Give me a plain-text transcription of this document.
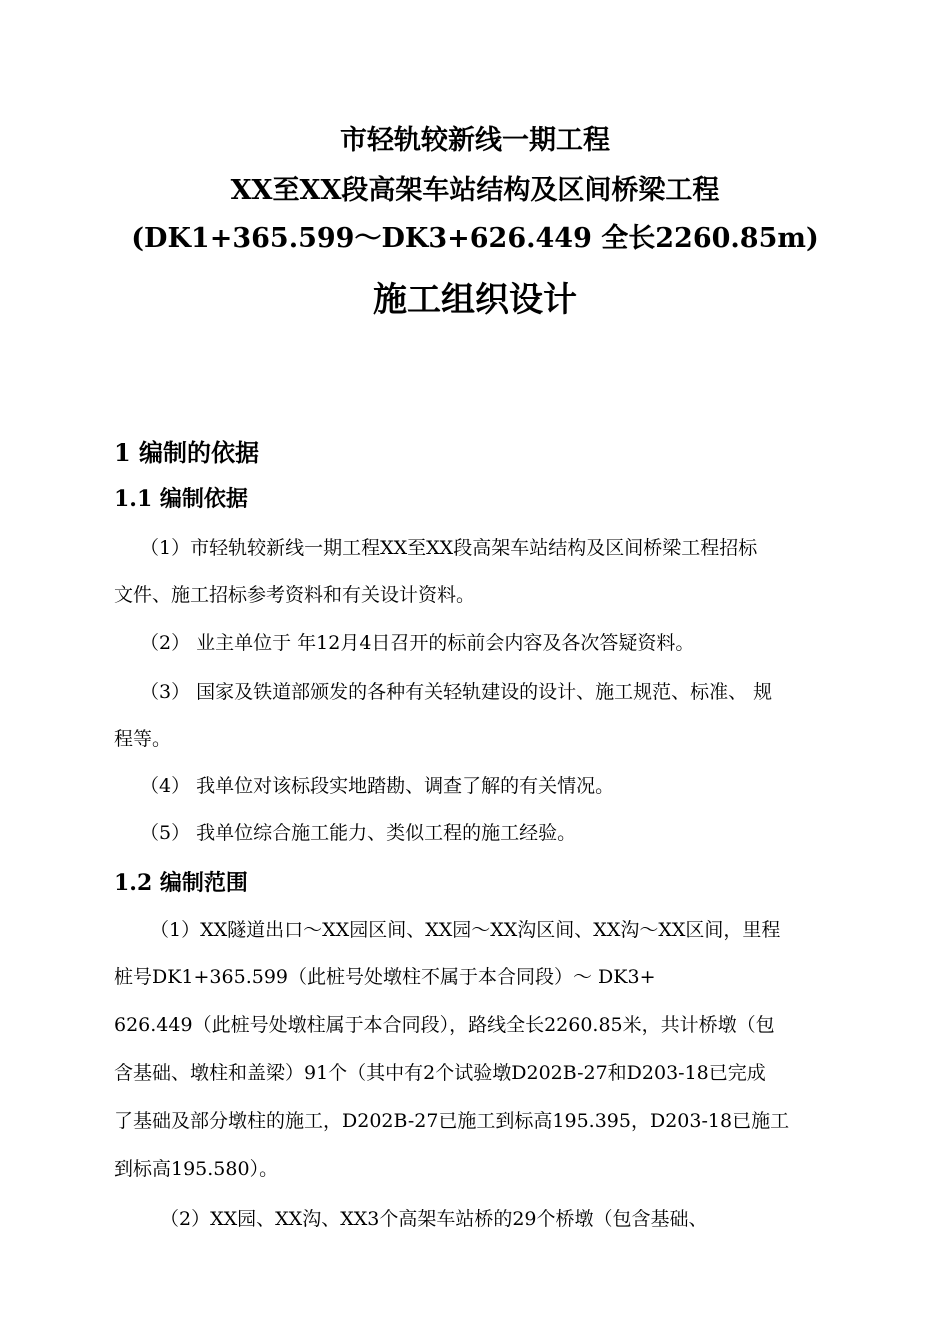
市轻轨较新线一期工程
XX至XX段高架车站结构及区间桥梁工程
(DK1+365.599～DK3+626.449 全长2260.85m)
施工组织设计
1 编制的依据
1.1 编制依据
（1）市轻轨较新线一期工程XX至XX段高架车站结构及区间桥梁工程招标
文件、施工招标参考资料和有关设计资料。
（2） 业主单位于 年12月4日召开的标前会内容及各次答疑资料。
（3） 国家及铁道部颁发的各种有关轻轨建设的设计、施工规范、标准、 规
程等。
（4） 我单位对该标段实地踏勘、调查了解的有关情况。
（5） 我单位综合施工能力、类似工程的施工经验。
1.2 编制范围
（1）XX隧道出口～XX园区间、XX园～XX沟区间、XX沟～XX区间，里程
桩号DK1+365.599（此桩号处墩柱不属于本合同段）～ DK3+
626.449（此桩号处墩柱属于本合同段），路线全长2260.85米，共计桥墩（包
含基础、墩柱和盖梁）91个（其中有2个试验墩D202B-27和D203-18已完成
了基础及部分墩柱的施工，D202B-27已施工到标高195.395，D203-18已施工
到标高195.580）。
（2）XX园、XX沟、XX3个高架车站桥的29个桥墩（包含基础、
